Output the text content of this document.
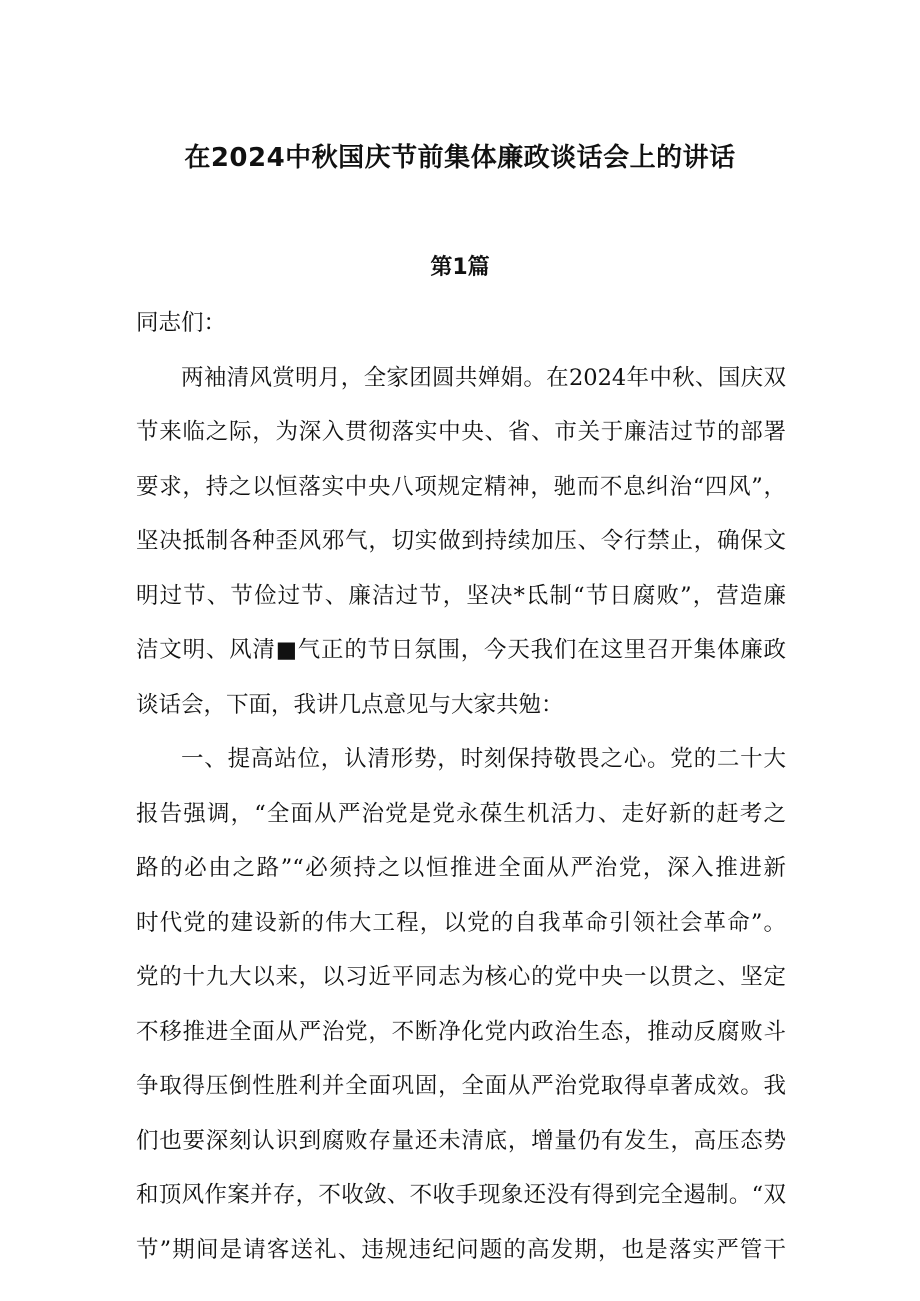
在2024中秋国庆节前集体廉政谈话会上的讲话
第1篇
同志们：
两袖清风赏明月，全家团圆共婵娟。在2024年中秋、国庆双
节来临之际，为深入贯彻落实中央、省、市关于廉洁过节的部署
要求，持之以恒落实中央八项规定精神，驰而不息纠治“四风”，
坚决抵制各种歪风邪气，切实做到持续加压、令行禁止，确保文
明过节、节俭过节、廉洁过节，坚决*氐制“节日腐败”，营造廉
洁文明、风清■气正的节日氛围，今天我们在这里召开集体廉政
谈话会，下面，我讲几点意见与大家共勉：
一、提高站位，认清形势，时刻保持敬畏之心。党的二十大
报告强调，“全面从严治党是党永葆生机活力、走好新的赶考之
路的必由之路”“必须持之以恒推进全面从严治党，深入推进新
时代党的建设新的伟大工程，以党的自我革命引领社会革命”。
党的十九大以来，以习近平同志为核心的党中央一以贯之、坚定
不移推进全面从严治党，不断净化党内政治生态，推动反腐败斗
争取得压倒性胜利并全面巩固，全面从严治党取得卓著成效。我
们也要深刻认识到腐败存量还未清底，增量仍有发生，高压态势
和顶风作案并存，不收敛、不收手现象还没有得到完全遏制。“双
节”期间是请客送礼、违规违纪问题的高发期，也是落实严管干
